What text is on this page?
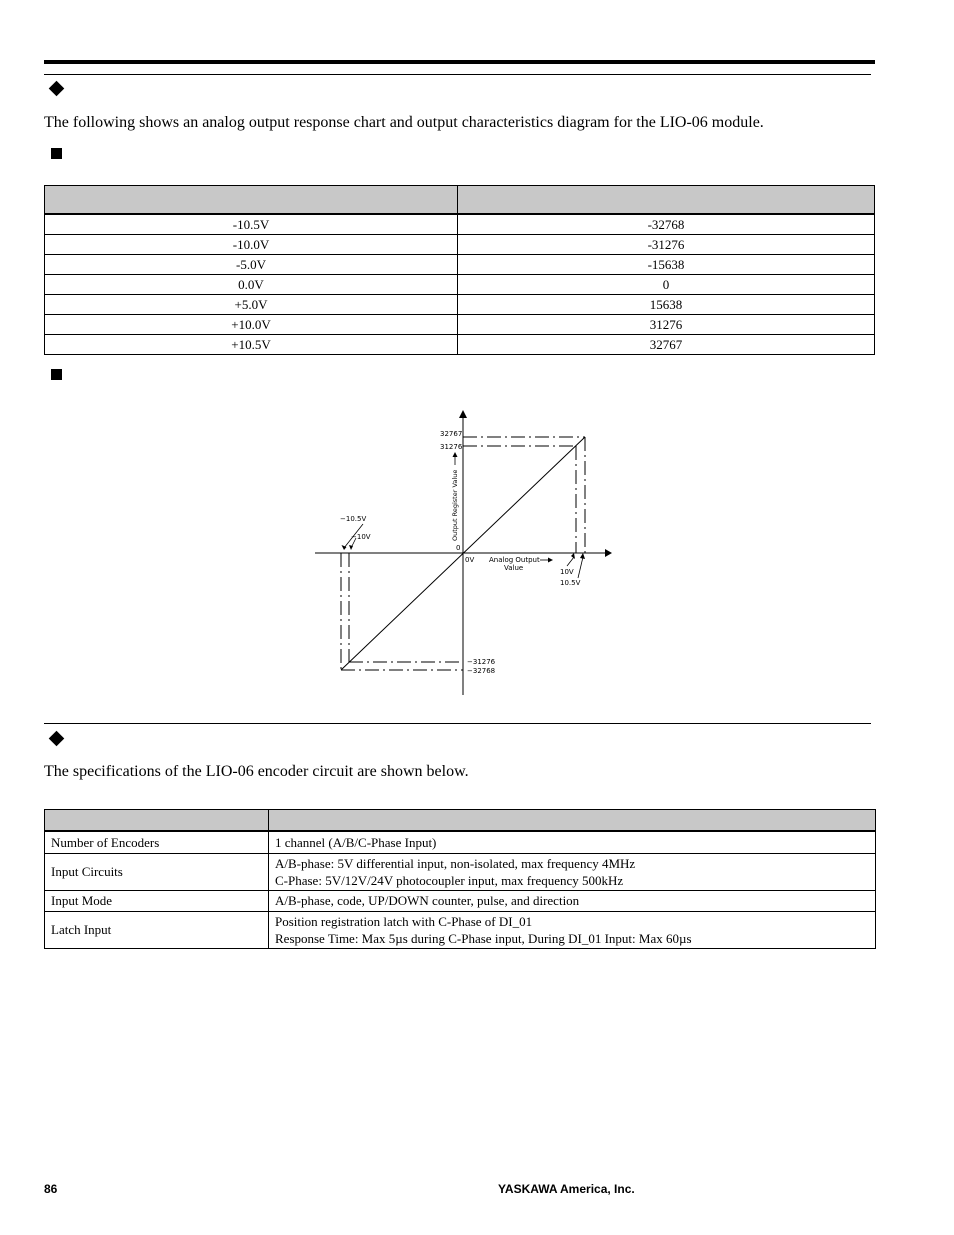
The following shows an analog output response chart and output characteristics diagram for the LIO-06 module.

-10.5V	-32768
-10.0V	-31276
-5.0V	-15638
0.0V	0
+5.0V	15638
+10.0V	31276
+10.5V	32767
32767
31276
0
0V Analog Output
Value	10V
10.5V
−10.5V
−10V
−31276
−32768
Output Register Value
The specifications of the LIO-06 encoder circuit are shown below.

Number of Encoders	1 channel (A/B/C-Phase Input)

Input Circuits	A/B-phase: 5V differential input, non-isolated, max frequency 4MHz
C-Phase: 5V/12V/24V photocoupler input, max frequency 500kHz

Input Mode	A/B-phase, code, UP/DOWN counter, pulse, and direction

Latch Input	Position registration latch with C-Phase of DI_01
Response Time: Max 5µs during C-Phase input, During DI_01 Input: Max 60µs
86	YASKAWA America, Inc.
